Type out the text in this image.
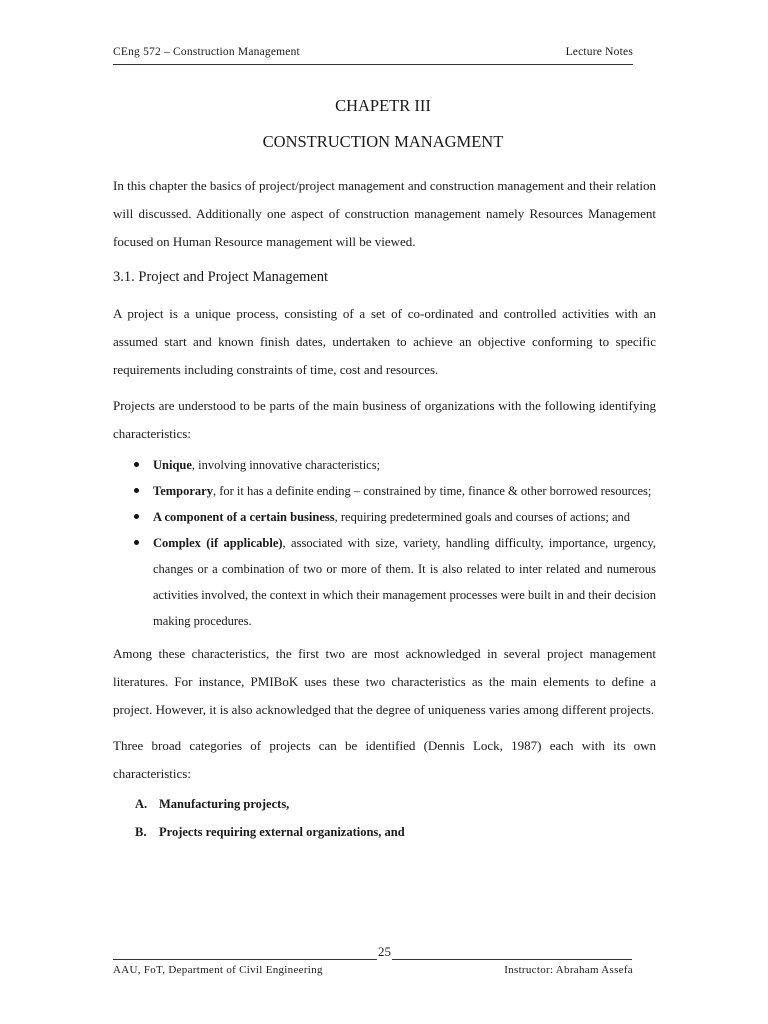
CEng 572 – Construction Management	Lecture Notes
CHAPETR III
CONSTRUCTION MANAGMENT

In this chapter the basics of project/project management and construction management and their relation will discussed. Additionally one aspect of construction management namely Resources Management focused on Human Resource management will be viewed.

3.1. Project and Project Management

A project is a unique process, consisting of a set of co-ordinated and controlled activities with an assumed start and known finish dates, undertaken to achieve an objective conforming to specific requirements including constraints of time, cost and resources.

Projects are understood to be parts of the main business of organizations with the following identifying characteristics:

Unique, involving innovative characteristics;
Temporary, for it has a definite ending – constrained by time, finance & other borrowed resources;
A component of a certain business, requiring predetermined goals and courses of actions; and
Complex (if applicable), associated with size, variety, handling difficulty, importance, urgency, changes or a combination of two or more of them. It is also related to inter related and numerous activities involved, the context in which their management processes were built in and their decision making procedures.

Among these characteristics, the first two are most acknowledged in several project management literatures. For instance, PMIBoK uses these two characteristics as the main elements to define a project. However, it is also acknowledged that the degree of uniqueness varies among different projects.

Three broad categories of projects can be identified (Dennis Lock, 1987) each with its own characteristics:

A. Manufacturing projects,
B.	Projects requiring external organizations, and
25
AAU, FoT, Department of Civil Engineering	Instructor: Abraham Assefa
